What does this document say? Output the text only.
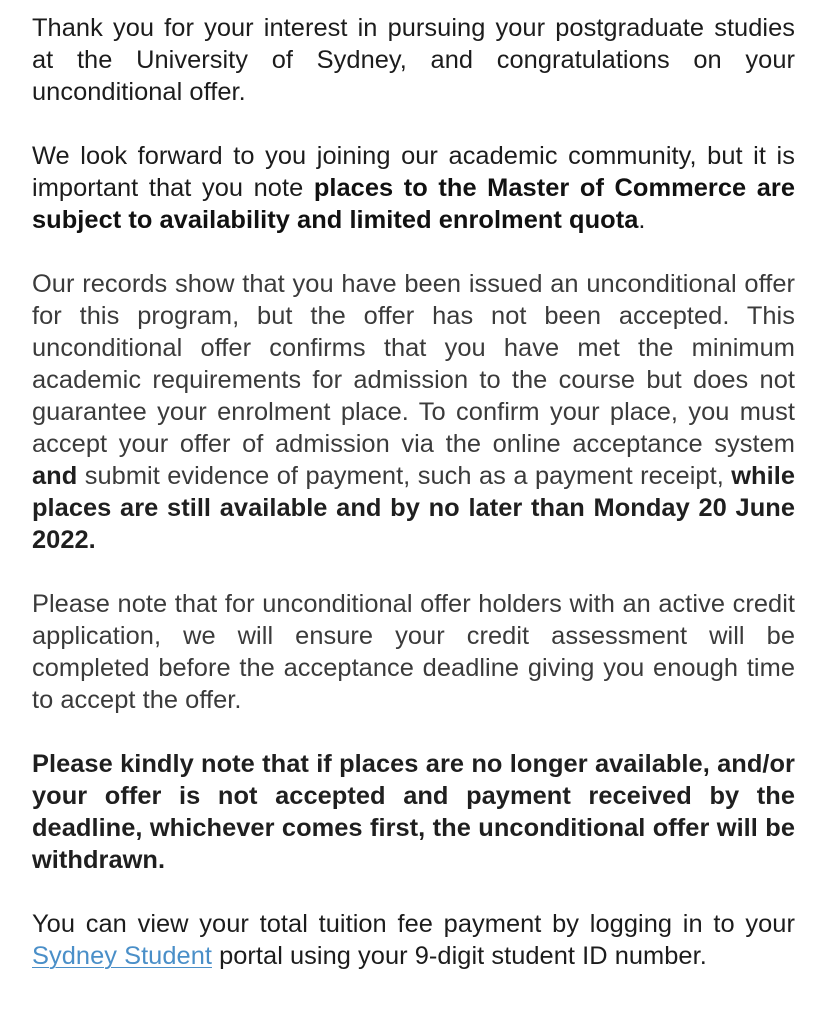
Thank you for your interest in pursuing your postgraduate studies at the University of Sydney, and congratulations on your unconditional offer.

We look forward to you joining our academic community, but it is important that you note places to the Master of Commerce are subject to availability and limited enrolment quota.

Our records show that you have been issued an unconditional offer for this program, but the offer has not been accepted. This unconditional offer confirms that you have met the minimum academic requirements for admission to the course but does not guarantee your enrolment place. To confirm your place, you must accept your offer of admission via the online acceptance system and submit evidence of payment, such as a payment receipt, while places are still available and by no later than Monday 20 June 2022.

Please note that for unconditional offer holders with an active credit application, we will ensure your credit assessment will be completed before the acceptance deadline giving you enough time to accept the offer.

Please kindly note that if places are no longer available, and/or your offer is not accepted and payment received by the deadline, whichever comes first, the unconditional offer will be withdrawn.

You can view your total tuition fee payment by logging in to your Sydney Student portal using your 9-digit student ID number.
